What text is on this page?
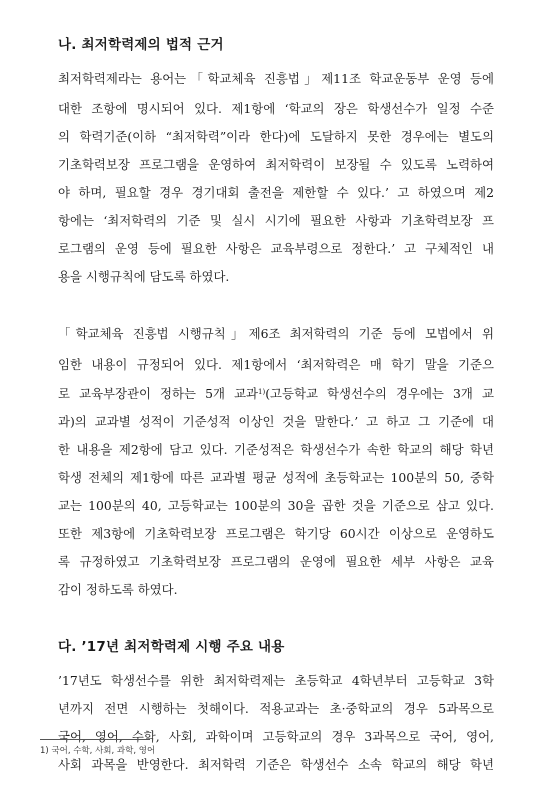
나. 최저학력제의 법적 근거
최저학력제라는 용어는「학교체육 진흥법」제11조 학교운동부 운영 등에
대한 조항에 명시되어 있다. 제1항에 ‘학교의 장은 학생선수가 일정 수준
의 학력기준(이하 “최저학력”이라 한다)에 도달하지 못한 경우에는 별도의
기초학력보장 프로그램을 운영하여 최저학력이 보장될 수 있도록 노력하여
야 하며, 필요할 경우 경기대회 출전을 제한할 수 있다.’ 고 하였으며 제2
항에는 ‘최저학력의 기준 및 실시 시기에 필요한 사항과 기초학력보장 프
로그램의 운영 등에 필요한 사항은 교육부령으로 정한다.’ 고 구체적인 내
용을 시행규칙에 담도록 하였다.
「학교체육 진흥법 시행규칙」제6조 최저학력의 기준 등에 모법에서 위
임한 내용이 규정되어 있다. 제1항에서 ‘최저학력은 매 학기 말을 기준으
로 교육부장관이 정하는 5개 교과$^{1)}$(고등학교 학생선수의 경우에는 3개 교
과)의 교과별 성적이 기준성적 이상인 것을 말한다.’ 고 하고 그 기준에 대
한 내용을 제2항에 담고 있다. 기준성적은 학생선수가 속한 학교의 해당 학년
학생 전체의 제1항에 따른 교과별 평균 성적에 초등학교는 100분의 50, 중학
교는 100분의 40, 고등학교는 100분의 30을 곱한 것을 기준으로 삼고 있다.
또한 제3항에 기초학력보장 프로그램은 학기당 60시간 이상으로 운영하도
록 규정하였고 기초학력보장 프로그램의 운영에 필요한 세부 사항은 교육
감이 정하도록 하였다.
다. ’17년 최저학력제 시행 주요 내용
’17년도 학생선수를 위한 최저학력제는 초등학교 4학년부터 고등학교 3학
년까지 전면 시행하는 첫해이다. 적용교과는 초·중학교의 경우 5과목으로
국어, 영어, 수학, 사회, 과학이며 고등학교의 경우 3과목으로 국어, 영어,
사회 과목을 반영한다. 최저학력 기준은 학생선수 소속 학교의 해당 학년
1) 국어, 수학, 사회, 과학, 영어
